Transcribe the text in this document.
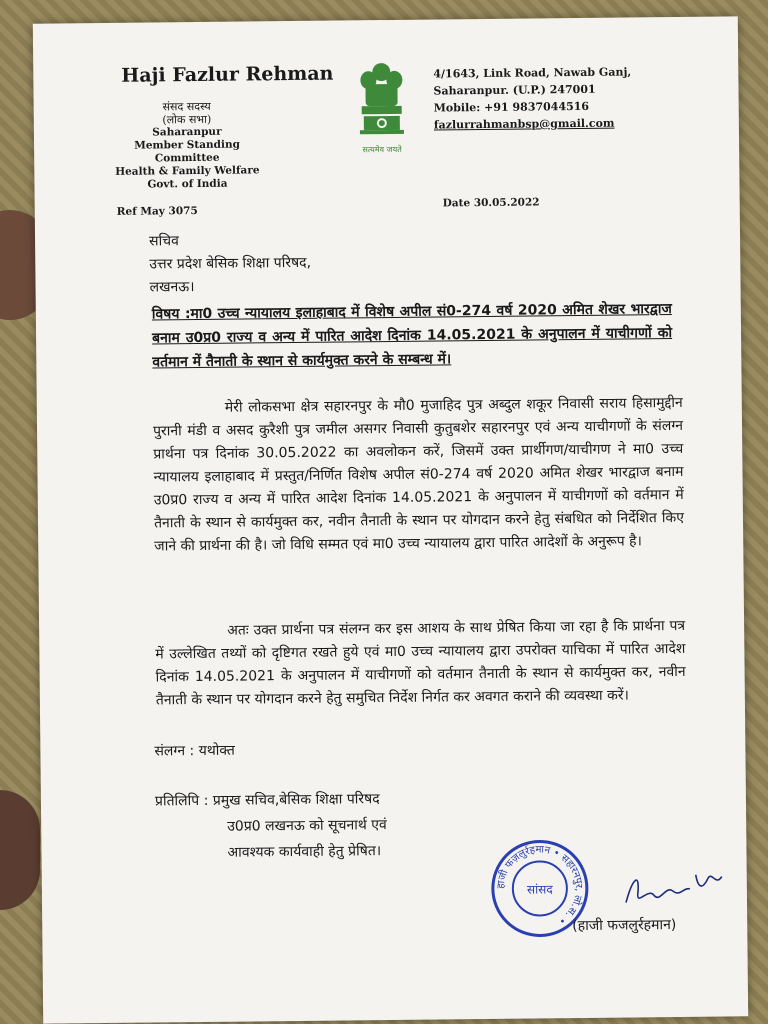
Haji Fazlur Rehman
संसद सदस्य
(लोक सभा)
Saharanpur
Member Standing Committee
Health & Family Welfare
Govt. of India
सत्यमेव जयते
4/1643, Link Road, Nawab Ganj,
Saharanpur. (U.P.) 247001
Mobile: +91 9837044516
fazlurrahmanbsp@gmail.com
Ref May 3075
Date 30.05.2022
सचिव
उत्तर प्रदेश बेसिक शिक्षा परिषद,
लखनऊ।
विषय :मा0 उच्च न्यायालय इलाहाबाद में विशेष अपील सं0-274 वर्ष 2020 अमित शेखर भारद्वाज बनाम उ0प्र0 राज्य व अन्य में पारित आदेश दिनांक 14.05.2021 के अनुपालन में याचीगणों को वर्तमान में तैनाती के स्थान से कार्यमुक्त करने के सम्बन्ध में।
मेरी लोकसभा क्षेत्र सहारनपुर के मौ0 मुजाहिद पुत्र अब्दुल शकूर निवासी सराय हिसामुद्दीन पुरानी मंडी व असद कुरैशी पुत्र जमील असगर निवासी कुतुबशेर सहारनपुर एवं अन्य याचीगणों के संलग्न प्रार्थना पत्र दिनांक 30.05.2022 का अवलोकन करें, जिसमें उक्त प्रार्थीगण/याचीगण ने मा0 उच्च न्यायालय इलाहाबाद में प्रस्तुत/निर्णित विशेष अपील सं0-274 वर्ष 2020 अमित शेखर भारद्वाज बनाम उ0प्र0 राज्य व अन्य में पारित आदेश दिनांक 14.05.2021 के अनुपालन में याचीगणों को वर्तमान में तैनाती के स्थान से कार्यमुक्त कर, नवीन तैनाती के स्थान पर योगदान करने हेतु संबधित को निर्देशित किए जाने की प्रार्थना की है। जो विधि सम्मत एवं मा0 उच्च न्यायालय द्वारा पारित आदेशों के अनुरूप है।
अतः उक्त प्रार्थना पत्र संलग्न कर इस आशय के साथ प्रेषित किया जा रहा है कि प्रार्थना पत्र में उल्लेखित तथ्यों को दृष्टिगत रखते हुये एवं मा0 उच्च न्यायालय द्वारा उपरोक्त याचिका में पारित आदेश दिनांक 14.05.2021 के अनुपालन में याचीगणों को वर्तमान तैनाती के स्थान से कार्यमुक्त कर, नवीन तैनाती के स्थान पर योगदान करने हेतु समुचित निर्देश निर्गत कर अवगत कराने की व्यवस्था करें।
संलग्न : यथोक्त
प्रतिलिपि : प्रमुख सचिव,बेसिक शिक्षा परिषद
उ0प्र0 लखनऊ को सूचनार्थ एवं
आवश्यक कार्यवाही हेतु प्रेषित।
हाजी फज़लुर्रहमान • सहारनपुर, लो.स. •
सांसद
(हाजी फजलुर्रहमान)
